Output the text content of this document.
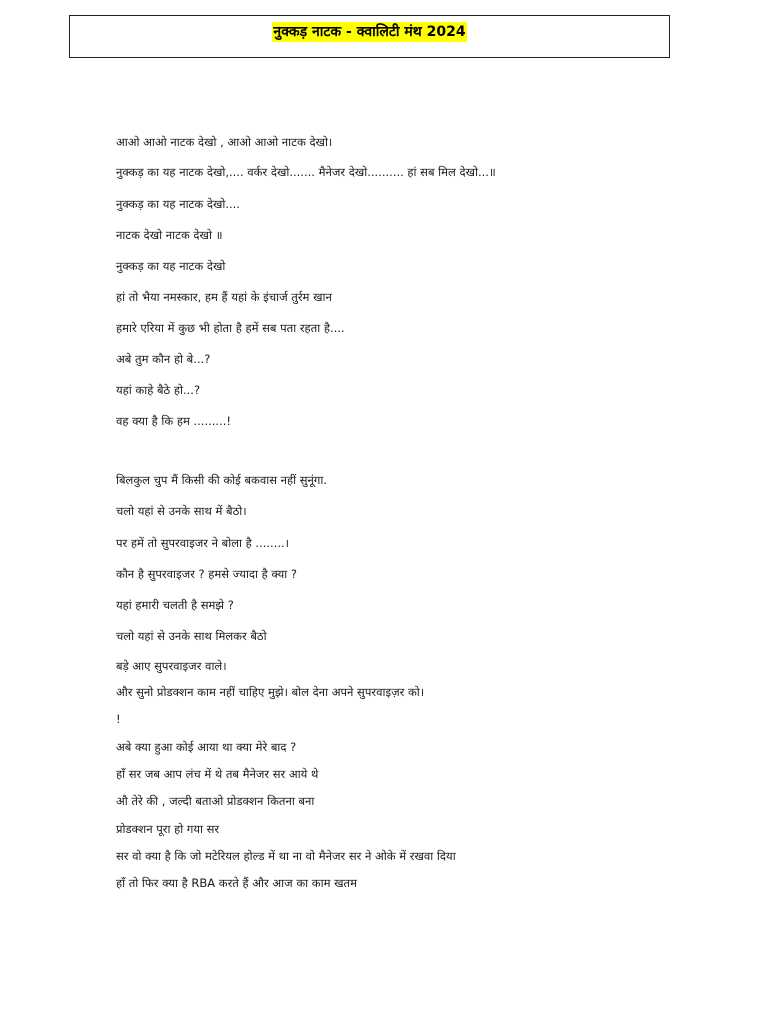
नुक्कड़ नाटक - क्वालिटी मंथ 2024
आओ आओ नाटक देखो , आओ आओ नाटक देखो।
नुक्कड़ का यह नाटक देखो,.... वर्कर देखो....... मैनेजर देखो.......... हां सब मिल देखो...॥
नुक्कड़ का यह नाटक देखो....
नाटक देखो नाटक देखो ॥
नुक्कड़ का यह नाटक देखो
हां तो भैया नमस्कार, हम हैं यहां के इंचार्ज तुर्रम खान
हमारे एरिया में कुछ भी होता है हमें सब पता रहता है....
अबे तुम कौन हो बे...?
यहां काहे बैठे हो...?
वह क्या है कि हम .........!
बिलकुल चुप मैं किसी की कोई बकवास नहीं सुनूंगा.
चलो यहां से उनके साथ में बैठो।
पर हमें तो सुपरवाइजर ने बोला है ........।
कौन है सुपरवाइजर ? हमसे ज्यादा है क्या ?
यहां हमारी चलती है समझे ?
चलो यहां से उनके साथ मिलकर बैठो
बड़े आए सुपरवाइजर वाले।
और सुनो प्रोडक्शन काम नहीं चाहिए मुझे। बोल देना अपने सुपरवाइज़र को।
!
अबे क्या हुआ कोई आया था क्या मेरे बाद ?
हाँ सर जब आप लंच में थे तब मैनेजर सर आये थे
औ तेरे की , जल्दी बताओ प्रोडक्शन कितना बना
प्रोडक्शन पूरा हो गया सर
सर वो क्या है कि जो मटेरियल होल्ड में था ना वो मैनेजर सर ने ओके में रखवा दिया
हाँ तो फिर क्या है RBA करते हैं और आज का काम खतम
